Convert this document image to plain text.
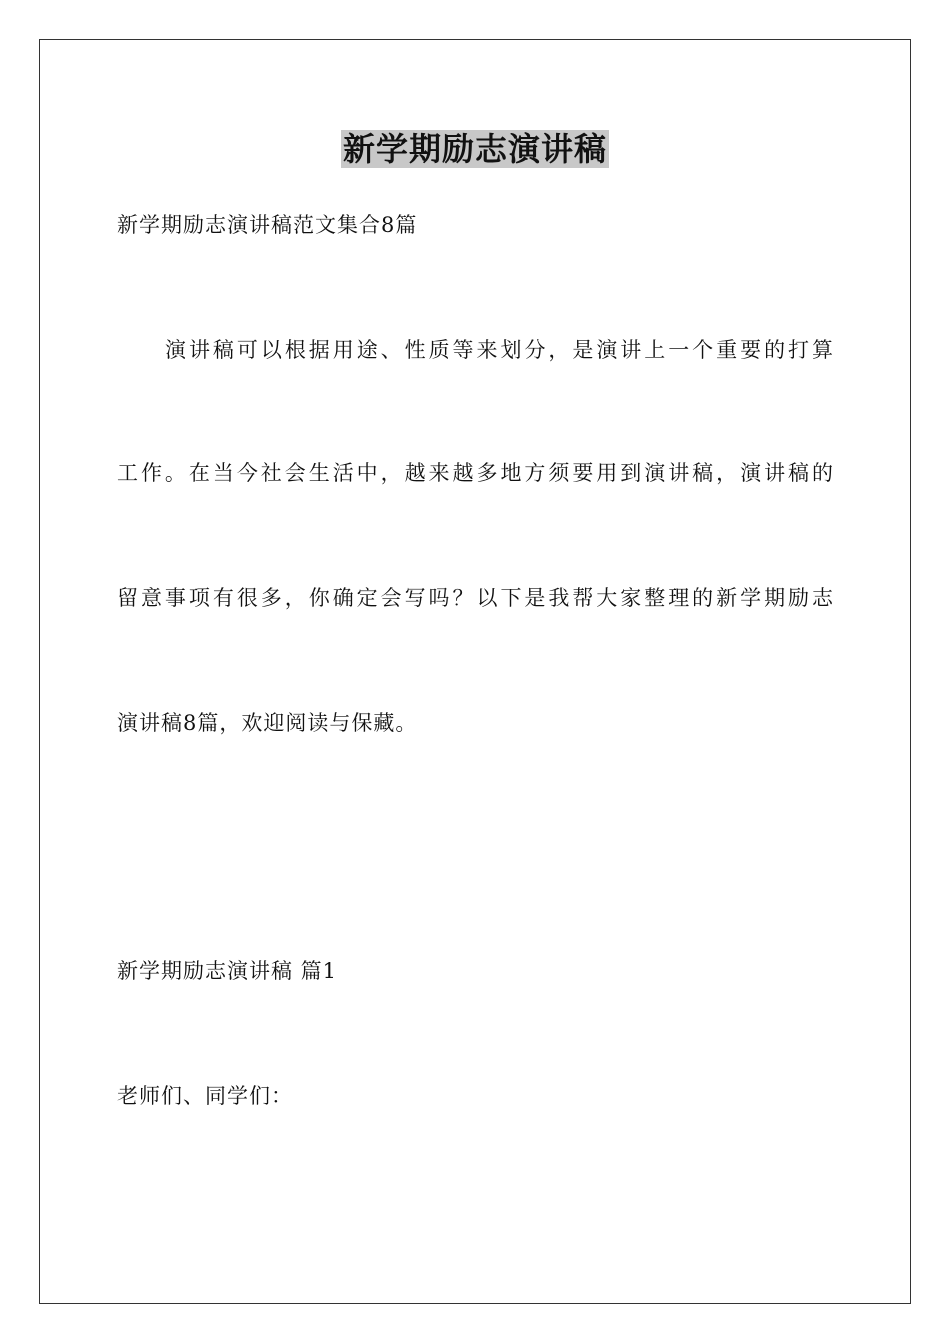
新学期励志演讲稿
新学期励志演讲稿范文集合8篇
演讲稿可以根据用途、性质等来划分，是演讲上一个重要的打算
工作。在当今社会生活中，越来越多地方须要用到演讲稿，演讲稿的
留意事项有很多，你确定会写吗？以下是我帮大家整理的新学期励志
演讲稿8篇，欢迎阅读与保藏。
新学期励志演讲稿 篇1
老师们、同学们：
